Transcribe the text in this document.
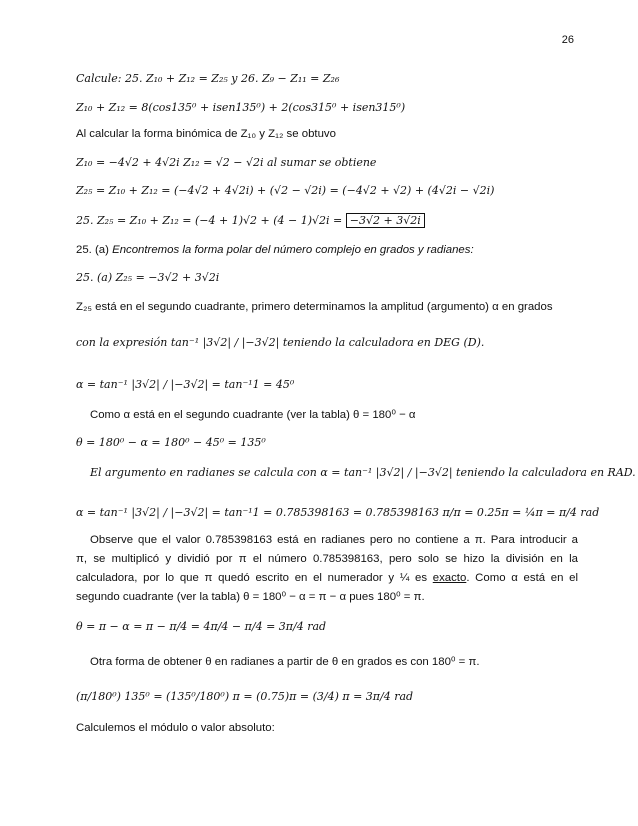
26
Calcule: 25. Z₁₀ + Z₁₂ = Z₂₅ y 26. Z₉ − Z₁₁ = Z₂₆
Z₁₀ + Z₁₂ = 8(cos135⁰ + isen135⁰) + 2(cos315⁰ + isen315⁰)
Al calcular la forma binómica de Z₁₀ y Z₁₂ se obtuvo
Z₁₀ = −4√2 + 4√2i Z₁₂ = √2 − √2i al sumar se obtiene
Z₂₅ = Z₁₀ + Z₁₂ = (−4√2 + 4√2i) + (√2 − √2i) = (−4√2 + √2) + (4√2i − √2i)
25. Z₂₅ = Z₁₀ + Z₁₂ = (−4 + 1)√2 + (4 − 1)√2i = −3√2 + 3√2i
25. (a) Encontremos la forma polar del número complejo en grados y radianes:
25. (a) Z₂₅ = −3√2 + 3√2i
Z₂₅ está en el segundo cuadrante, primero determinamos la amplitud (argumento) α en grados
con la expresión tan⁻¹ |3√2| / |−3√2| teniendo la calculadora en DEG (D).
α = tan⁻¹ |3√2| / |−3√2| = tan⁻¹1 = 45⁰
Como α está en el segundo cuadrante (ver la tabla) θ = 180⁰ − α
θ = 180⁰ − α = 180⁰ − 45⁰ = 135⁰
El argumento en radianes se calcula con α = tan⁻¹ |3√2| / |−3√2| teniendo la calculadora en RAD.
α = tan⁻¹ |3√2| / |−3√2| = tan⁻¹1 = 0.785398163 = 0.785398163 π/π = 0.25π = ¼π = π/4 rad
Observe que el valor 0.785398163 está en radianes pero no contiene a π. Para introducir a
π, se multiplicó y dividió por π el número 0.785398163, pero solo se hizo la división en la
calculadora, por lo que π quedó escrito en el numerador y ¼ es exacto. Como α está en el
segundo cuadrante (ver la tabla) θ = 180⁰ − α = π − α pues 180⁰ = π.
θ = π − α = π − π/4 = 4π/4 − π/4 = 3π/4 rad
Otra forma de obtener θ en radianes a partir de θ en grados es con 180⁰ = π.
(π/180⁰) 135⁰ = (135⁰/180⁰) π = (0.75)π = (3/4) π = 3π/4 rad
Calculemos el módulo o valor absoluto:
